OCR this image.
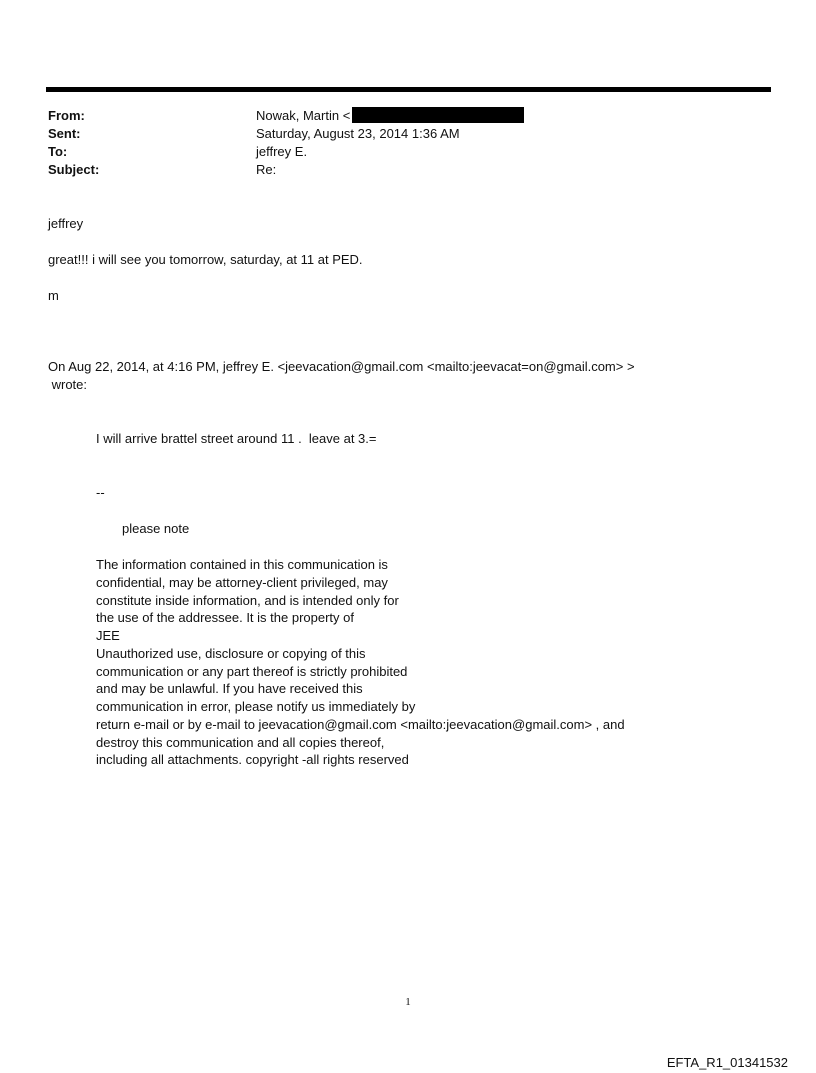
From:	Nowak, Martin <
Sent:	Saturday, August 23, 2014 1:36 AM
To:	jeffrey E.
Subject:	Re:
jeffrey
great!!! i will see you tomorrow, saturday, at 11 at PED.
m
On Aug 22, 2014, at 4:16 PM, jeffrey E. <jeevacation@gmail.com <mailto:jeevacat=on@gmail.com> >
wrote:
I will arrive brattel street around 11 .  leave at 3.=
--
please note
The information contained in this communication is
confidential, may be attorney-client privileged, may
constitute inside information, and is intended only for
the use of the addressee. It is the property of
JEE
Unauthorized use, disclosure or copying of this
communication or any part thereof is strictly prohibited
and may be unlawful. If you have received this
communication in error, please notify us immediately by
return e-mail or by e-mail to jeevacation@gmail.com <mailto:jeevacation@gmail.com> , and
destroy this communication and all copies thereof,
including all attachments. copyright -all rights reserved
1
EFTA_R1_01341532
